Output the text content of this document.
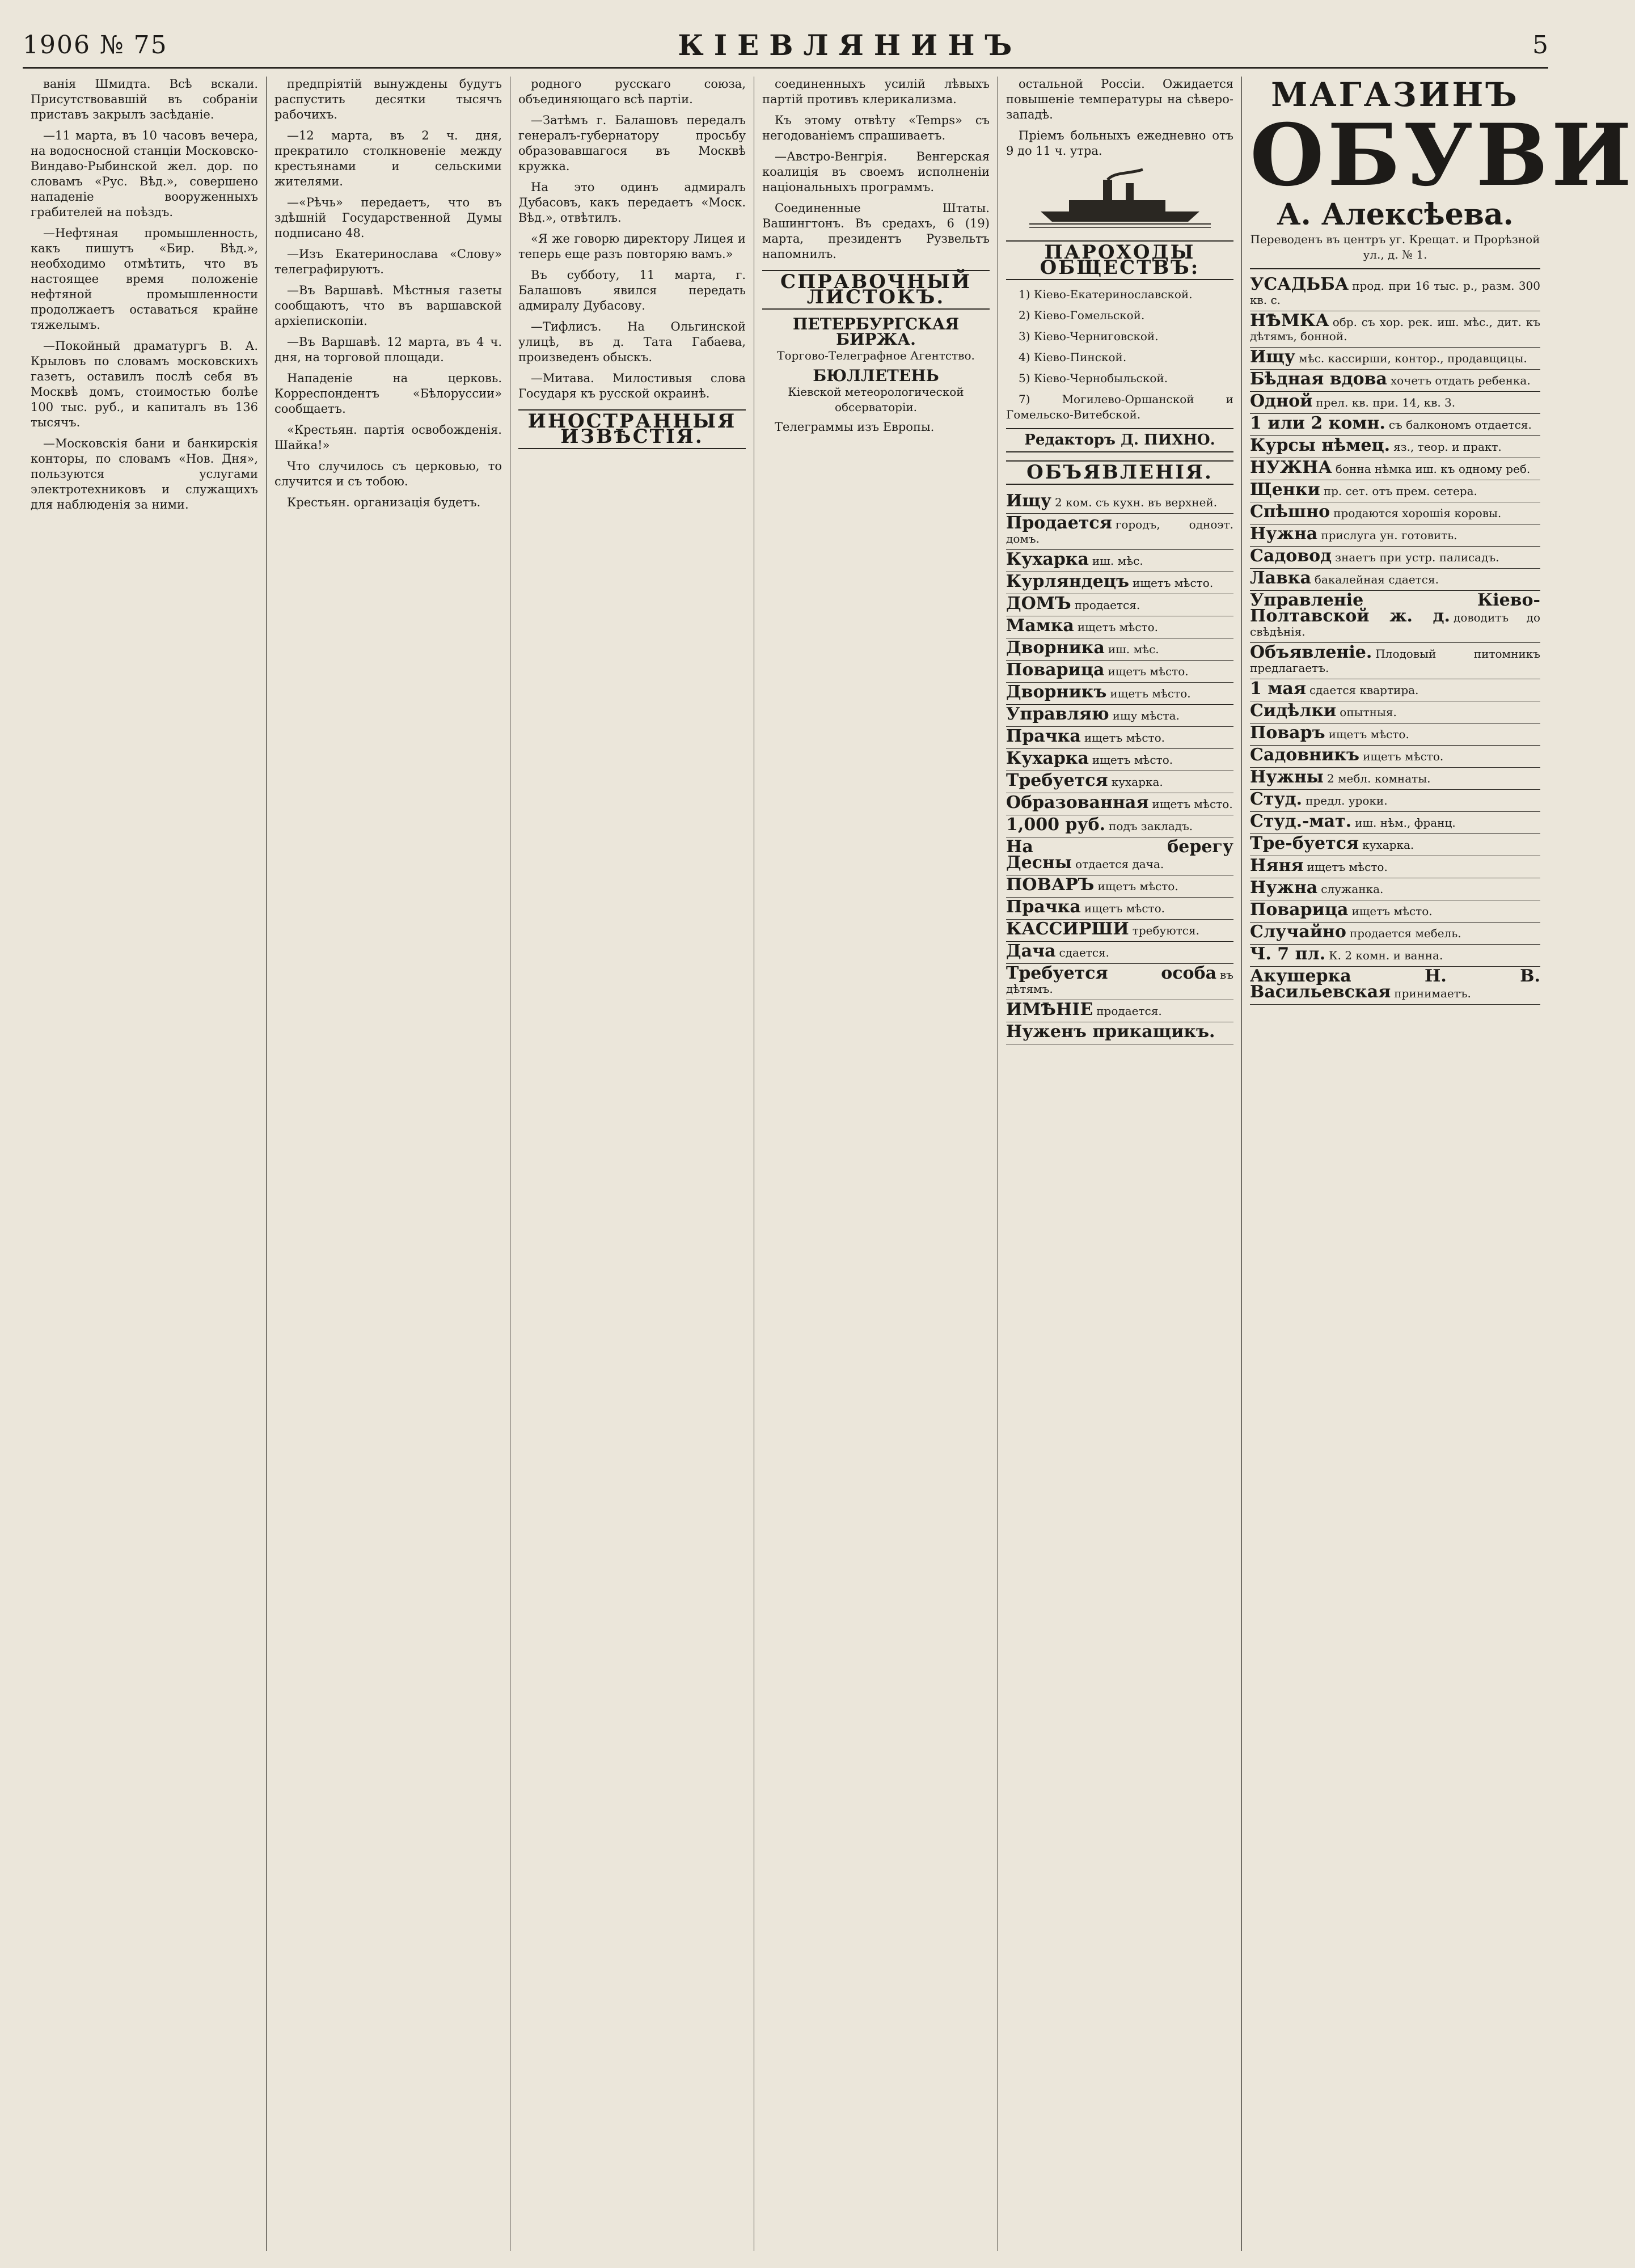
1906 № 75	КІЕВЛЯНИНЪ	5

ванія Шмидта. Всѣ вскали. Присутствовавшій въ собраніи приставъ закрылъ засѣданіе.

—11 марта, въ 10 часовъ вечера, на водосносной станціи Московско-Виндаво-Рыбинской жел. дор. по словамъ «Рус. Вѣд.», совершено нападеніе вооруженныхъ грабителей на поѣздъ.

—Нефтяная промышленность, какъ пишутъ «Бир. Вѣд.», необходимо отмѣтить, что въ настоящее время положеніе нефтяной промышленности продолжаетъ оставаться крайне тяжелымъ.

—Покойный драматургъ В. А. Крыловъ по словамъ московскихъ газетъ, оставилъ послѣ себя въ Москвѣ домъ, стоимостью болѣе 100 тыс. руб., и капиталъ въ 136 тысячъ.

—Московскія бани и банкирскія конторы, по словамъ «Нов. Дня», пользуются услугами электротехниковъ и служащихъ для наблюденія за ними.

предпріятій вынуждены будутъ распустить десятки тысячъ рабочихъ.

—12 марта, въ 2 ч. дня, прекратило столкновеніе между крестьянами и сельскими жителями.

—«Рѣчь» передаетъ, что въ здѣшній Государственной Думы подписано 48.

—Изъ Екатеринослава «Слову» телеграфируютъ.

—Въ Варшавѣ. Мѣстныя газеты сообщаютъ, что въ варшавской архіепископіи.

—Въ Варшавѣ. 12 марта, въ 4 ч. дня, на торговой площади.

Нападеніе на церковь. Корреспондентъ «Бѣлоруссии» сообщаетъ.

«Крестьян. партія освобожденія. Шайка!»

Что случилось съ церковью, то случится и съ тобою.

Крестьян. организація будетъ.

родного русскаго союза, объединяющаго всѣ партіи.

—Затѣмъ г. Балашовъ передалъ генералъ-губернатору просьбу образовавшагося въ Москвѣ кружка.

На это одинъ адмиралъ Дубасовъ, какъ передаетъ «Моск. Вѣд.», отвѣтилъ.

«Я же говорю директору Лицея и теперь еще разъ повторяю вамъ.»

Въ субботу, 11 марта, г. Балашовъ явился передать адмиралу Дубасову.

—Тифлисъ. На Ольгинской улицѣ, въ д. Тата Габаева, произведенъ обыскъ.

—Митава. Милостивыя слова Государя къ русской окраинѣ.

ИНОСТРАННЫЯ ИЗВѢСТІЯ.

соединенныхъ усилій лѣвыхъ партій противъ клерикализма.

Къ этому отвѣту «Temps» съ негодованіемъ спрашиваетъ.

—Австро-Венгрія. Венгерская коалиція въ своемъ исполненіи національныхъ программъ.

Соединенные Штаты. Вашингтонъ. Въ средахъ, 6 (19) марта, президентъ Рузвельтъ напомнилъ.

СПРАВОЧНЫЙ ЛИСТОКЪ.
ПЕТЕРБУРГСКАЯ БИРЖА.
Торгово-Телеграфное Агентство.
БЮЛЛЕТЕНЬ
Кіевской метеорологической обсерваторіи.

Телеграммы изъ Европы.

остальной Россіи. Ожидается повышеніе температуры на сѣверо-западѣ.

Пріемъ больныхъ ежедневно отъ 9 до 11 ч. утра.

ПАРОХОДЫ ОБЩЕСТВЪ:

1) Кіево-Екатеринославской.

2) Кіево-Гомельской.

3) Кіево-Черниговской.

4) Кіево-Пинской.

5) Кіево-Чернобыльской.

7) Могилево-Оршанской и Гомельско-Витебской.

Редакторъ Д. ПИХНО.
ОБЪЯВЛЕНІЯ.
Ищу 2 ком. съ кухн. въ верхней.
Продается городъ, одноэт. домъ.
Кухарка иш. мѣс.
Курляндецъ ищетъ мѣсто.
ДОМЪ продается.
Мамка ищетъ мѣсто.
Дворника иш. мѣс.
Поварица ищетъ мѣсто.
Дворникъ ищетъ мѣсто.
Управляю ищу мѣста.
Прачка ищетъ мѣсто.
Кухарка ищетъ мѣсто.
Требуется кухарка.
Образованная ищетъ мѣсто.
1,000 руб. подъ закладъ.
На берегу Десны отдается дача.
ПОВАРЪ ищетъ мѣсто.
Прачка ищетъ мѣсто.
КАССИРШИ требуются.
Дача сдается.
Требуется особа въ дѣтямъ.
ИМѢНІЕ продается.
Нуженъ прикащикъ.
МАГАЗИНЪ
ОБУВИ
А. Алексѣева.

Переводенъ въ центръ уг. Крещат. и Прорѣзной ул., д. № 1.

УСАДЬБА прод. при 16 тыс. р., разм. 300 кв. с.
НѢМКА обр. съ хор. рек. иш. мѣс., дит. къ дѣтямъ, бонной.
Ищу мѣс. кассирши, контор., продавщицы.
Бѣдная вдова хочетъ отдать ребенка.
Одной прел. кв. при. 14, кв. 3.
1 или 2 комн. съ балкономъ отдается.
Курсы нѣмец. яз., теор. и практ.
НУЖНА бонна нѣмка иш. къ одному реб.
Щенки пр. сет. отъ прем. сетера.
Спѣшно продаются хорошія коровы.
Нужна прислуга ун. готовить.
Садовод знаетъ при устр. палисадъ.
Лавка бакалейная сдается.
Управленіе Кіево-Полтавской ж. д. доводитъ до свѣдѣнія.
Объявленіе. Плодовый питомникъ предлагаетъ.
1 мая сдается квартира.
Сидѣлки опытныя.
Поваръ ищетъ мѣсто.
Садовникъ ищетъ мѣсто.
Нужны 2 мебл. комнаты.
Студ. предл. уроки.
Студ.-мат. иш. нѣм., франц.
Тре-буется кухарка.
Няня ищетъ мѣсто.
Нужна служанка.
Поварица ищетъ мѣсто.
Случайно продается мебель.
Ч. 7 пл. К. 2 комн. и ванна.
Акушерка Н. В. Васильевская принимаетъ.
